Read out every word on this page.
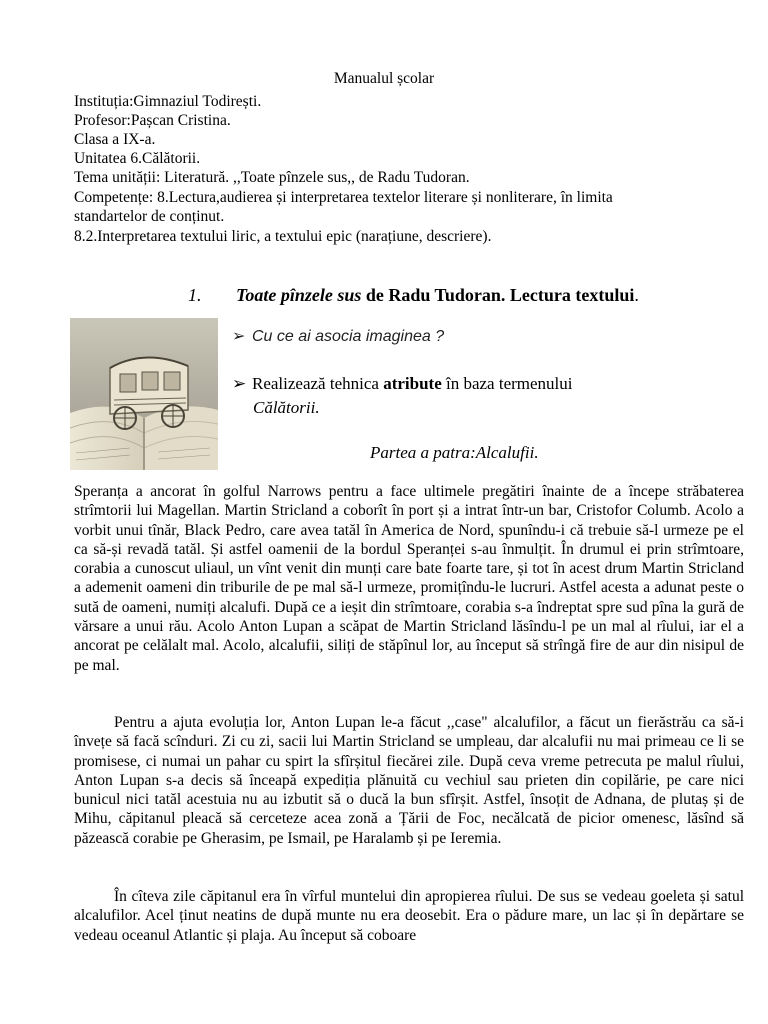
Manualul școlar
Instituția:Gimnaziul Todirești.
Profesor:Pașcan Cristina.
Clasa a IX-a.
Unitatea 6.Călătorii.
Tema unității: Literatură. ,,Toate pînzele sus,, de Radu Tudoran.
Competențe: 8.Lectura,audierea și interpretarea textelor literare și nonliterare, în limita
standartelor de conținut.
8.2.Interpretarea textului liric, a textului epic (narațiune, descriere).
1. Toate pînzele sus de Radu Tudoran. Lectura textului.
➢ Cu ce ai asocia imaginea ?
➢ Realizează tehnica atribute în baza termenului
Călătorii.
Partea a patra:Alcalufii.
Speranța a ancorat în golful Narrows pentru a face ultimele pregătiri înainte de a începe străbaterea strîmtorii lui Magellan. Martin Stricland a coborît în port și a intrat într-un bar, Cristofor Columb. Acolo a vorbit unui tînăr, Black Pedro, care avea tatăl în America de Nord, spunîndu-i că trebuie să-l urmeze pe el ca să-și revadă tatăl. Și astfel oamenii de la bordul Speranței s-au înmulțit. În drumul ei prin strîmtoare, corabia a cunoscut uliaul, un vînt venit din munți care bate foarte tare, și tot în acest drum Martin Stricland a ademenit oameni din triburile de pe mal să-l urmeze, promițîndu-le lucruri. Astfel acesta a adunat peste o sută de oameni, numiți alcalufi. După ce a ieșit din strîmtoare, corabia s-a îndreptat spre sud pîna la gură de vărsare a unui rău. Acolo Anton Lupan a scăpat de Martin Stricland lăsîndu-l pe un mal al rîului, iar el a ancorat pe celălalt mal. Acolo, alcalufii, siliți de stăpînul lor, au început să strîngă fire de aur din nisipul de pe mal.
Pentru a ajuta evoluția lor, Anton Lupan le-a făcut ,,case" alcalufilor, a făcut un fierăstrău ca să-i învețe să facă scînduri. Zi cu zi, sacii lui Martin Stricland se umpleau, dar alcalufii nu mai primeau ce li se promisese, ci numai un pahar cu spirt la sfîrșitul fiecărei zile. După ceva vreme petrecuta pe malul rîului, Anton Lupan s-a decis să înceapă expediția plănuită cu vechiul sau prieten din copilărie, pe care nici bunicul nici tatăl acestuia nu au izbutit să o ducă la bun sfîrșit. Astfel, însoțit de Adnana, de plutaș și de Mihu, căpitanul pleacă să cerceteze acea zonă a Țării de Foc, necălcată de picior omenesc, lăsînd să păzească corabie pe Gherasim, pe Ismail, pe Haralamb și pe Ieremia.
În cîteva zile căpitanul era în vîrful muntelui din apropierea rîului. De sus se vedeau goeleta și satul alcalufilor. Acel ținut neatins de după munte nu era deosebit. Era o pădure mare, un lac și în depărtare se vedeau oceanul Atlantic și plaja. Au început să coboare
